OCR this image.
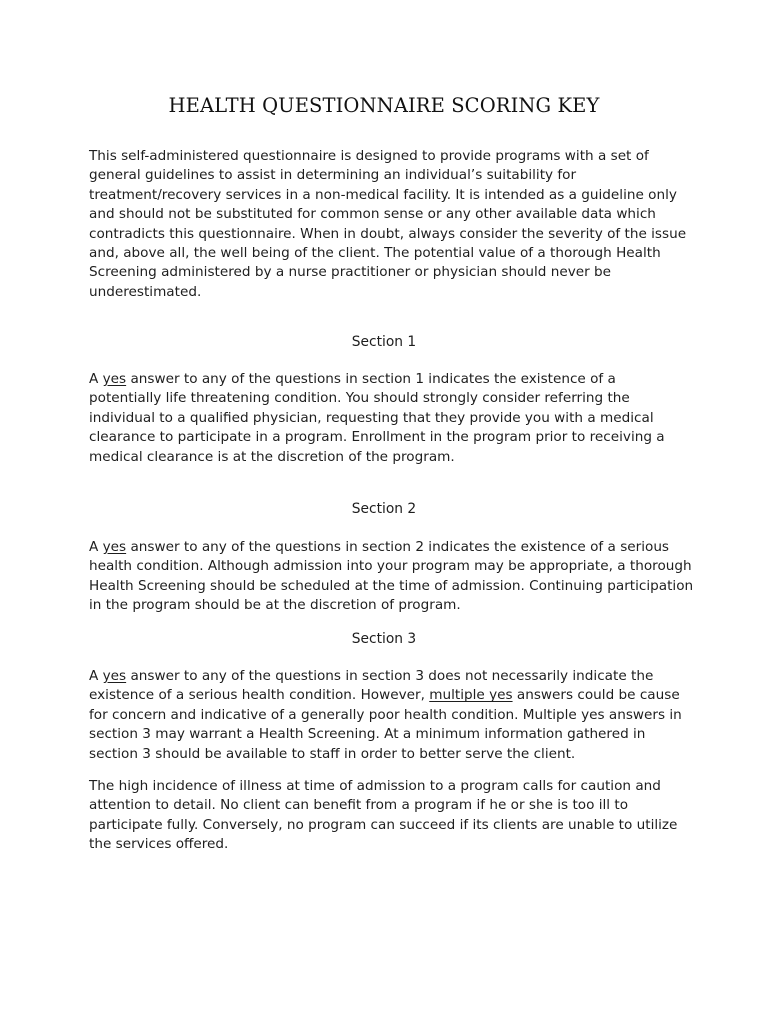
HEALTH QUESTIONNAIRE SCORING KEY
This self-administered questionnaire is designed to provide programs with a set of
general guidelines to assist in determining an individual’s suitability for
treatment/recovery services in a non-medical facility. It is intended as a guideline only
and should not be substituted for common sense or any other available data which
contradicts this questionnaire. When in doubt, always consider the severity of the issue
and, above all, the well being of the client. The potential value of a thorough Health
Screening administered by a nurse practitioner or physician should never be
underestimated.
Section 1
A yes answer to any of the questions in section 1 indicates the existence of a
potentially life threatening condition. You should strongly consider referring the
individual to a qualified physician, requesting that they provide you with a medical
clearance to participate in a program. Enrollment in the program prior to receiving a
medical clearance is at the discretion of the program.
Section 2
A yes answer to any of the questions in section 2 indicates the existence of a serious
health condition. Although admission into your program may be appropriate, a thorough
Health Screening should be scheduled at the time of admission. Continuing participation
in the program should be at the discretion of program.
Section 3
A yes answer to any of the questions in section 3 does not necessarily indicate the
existence of a serious health condition. However, multiple yes answers could be cause
for concern and indicative of a generally poor health condition. Multiple yes answers in
section 3 may warrant a Health Screening. At a minimum information gathered in
section 3 should be available to staff in order to better serve the client.
The high incidence of illness at time of admission to a program calls for caution and
attention to detail. No client can benefit from a program if he or she is too ill to
participate fully. Conversely, no program can succeed if its clients are unable to utilize
the services offered.
